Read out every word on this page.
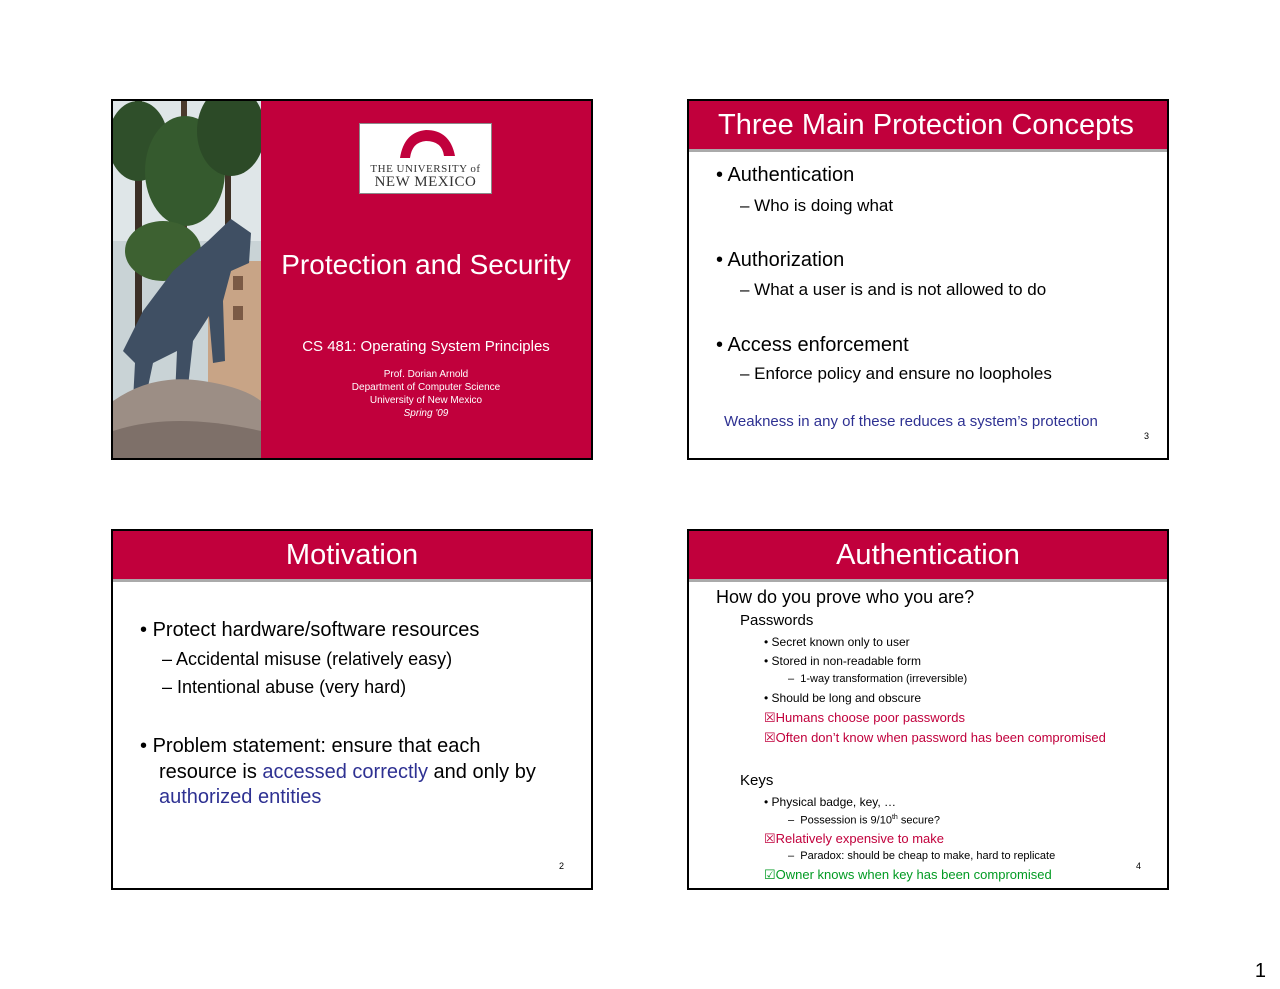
THE UNIVERSITY of
NEW MEXICO
Protection and Security
CS 481: Operating System Principles
Prof. Dorian Arnold
Department of Computer Science
University of New Mexico
Spring '09
Three Main Protection Concepts
• Authentication
– Who is doing what
• Authorization
– What a user is and is not allowed to do
• Access enforcement
– Enforce policy and ensure no loopholes
Weakness in any of these reduces a system’s protection
3
Motivation
• Protect hardware/software resources
– Accidental misuse (relatively easy)
– Intentional abuse (very hard)
• Problem statement: ensure that each
resource is accessed correctly and only by
authorized entities
2
Authentication
How do you prove who you are?
Passwords
• Secret known only to user
• Stored in non-readable form
–  1-way transformation (irreversible)
• Should be long and obscure
☒Humans choose poor passwords
☒Often don’t know when password has been compromised
Keys
• Physical badge, key, …
–  Possession is 9/10th secure?
☒Relatively expensive to make
–  Paradox: should be cheap to make, hard to replicate
☑Owner knows when key has been compromised
4
1
